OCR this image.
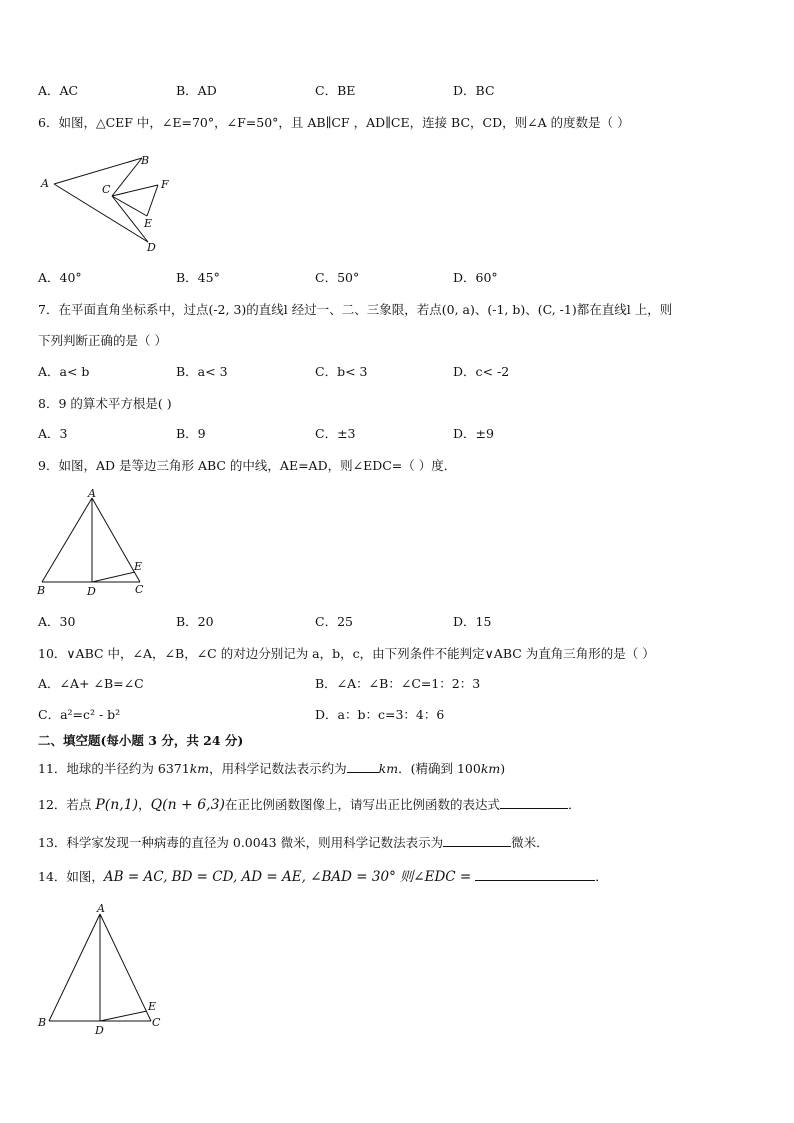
A．AC	B．AD	C．BE	D．BC
6．如图，△CEF 中，∠E=70°，∠F=50°，且 AB∥CF ，AD∥CE，连接 BC，CD，则∠A 的度数是（ ）
A
B
C
D
E
F
A．40°	B．45°	C．50°	D．60°
7．在平面直角坐标系中，过点(-2, 3)的直线l 经过一、二、三象限，若点(0, a)、(-1, b)、(C, -1)都在直线l 上，则
下列判断正确的是（ ）
A．a< b	B．a< 3	C．b< 3	D．c< -2
8．9 的算术平方根是( )
A．3	B．9	C．±3	D．±9
9．如图，AD 是等边三角形 ABC 的中线，AE=AD，则∠EDC=（ ）度．
A
B	C
D
E
A．30	B．20	C．25	D．15
10．∨ABC 中，∠A，∠B，∠C 的对边分别记为 a，b，c，由下列条件不能判定∨ABC 为直角三角形的是（ ）
A．∠A+ ∠B=∠C	B．∠A：∠B：∠C=1：2：3
C．a²=c² - b²	D．a：b：c=3：4：6
二、填空题(每小题 3 分，共 24 分)
11．地球的半径约为 6371km，用科学记数法表示约为	km．(精确到 100km)
12．若点 P(n,1)，Q(n + 6,3)在正比例函数图像上，请写出正比例函数的表达式	．
13．科学家发现一种病毒的直径为 0.0043 微米，则用科学记数法表示为	微米．
14．如图，AB = AC, BD = CD, AD = AE, ∠BAD = 30° 则∠EDC =	．
A
B	C
D
E
